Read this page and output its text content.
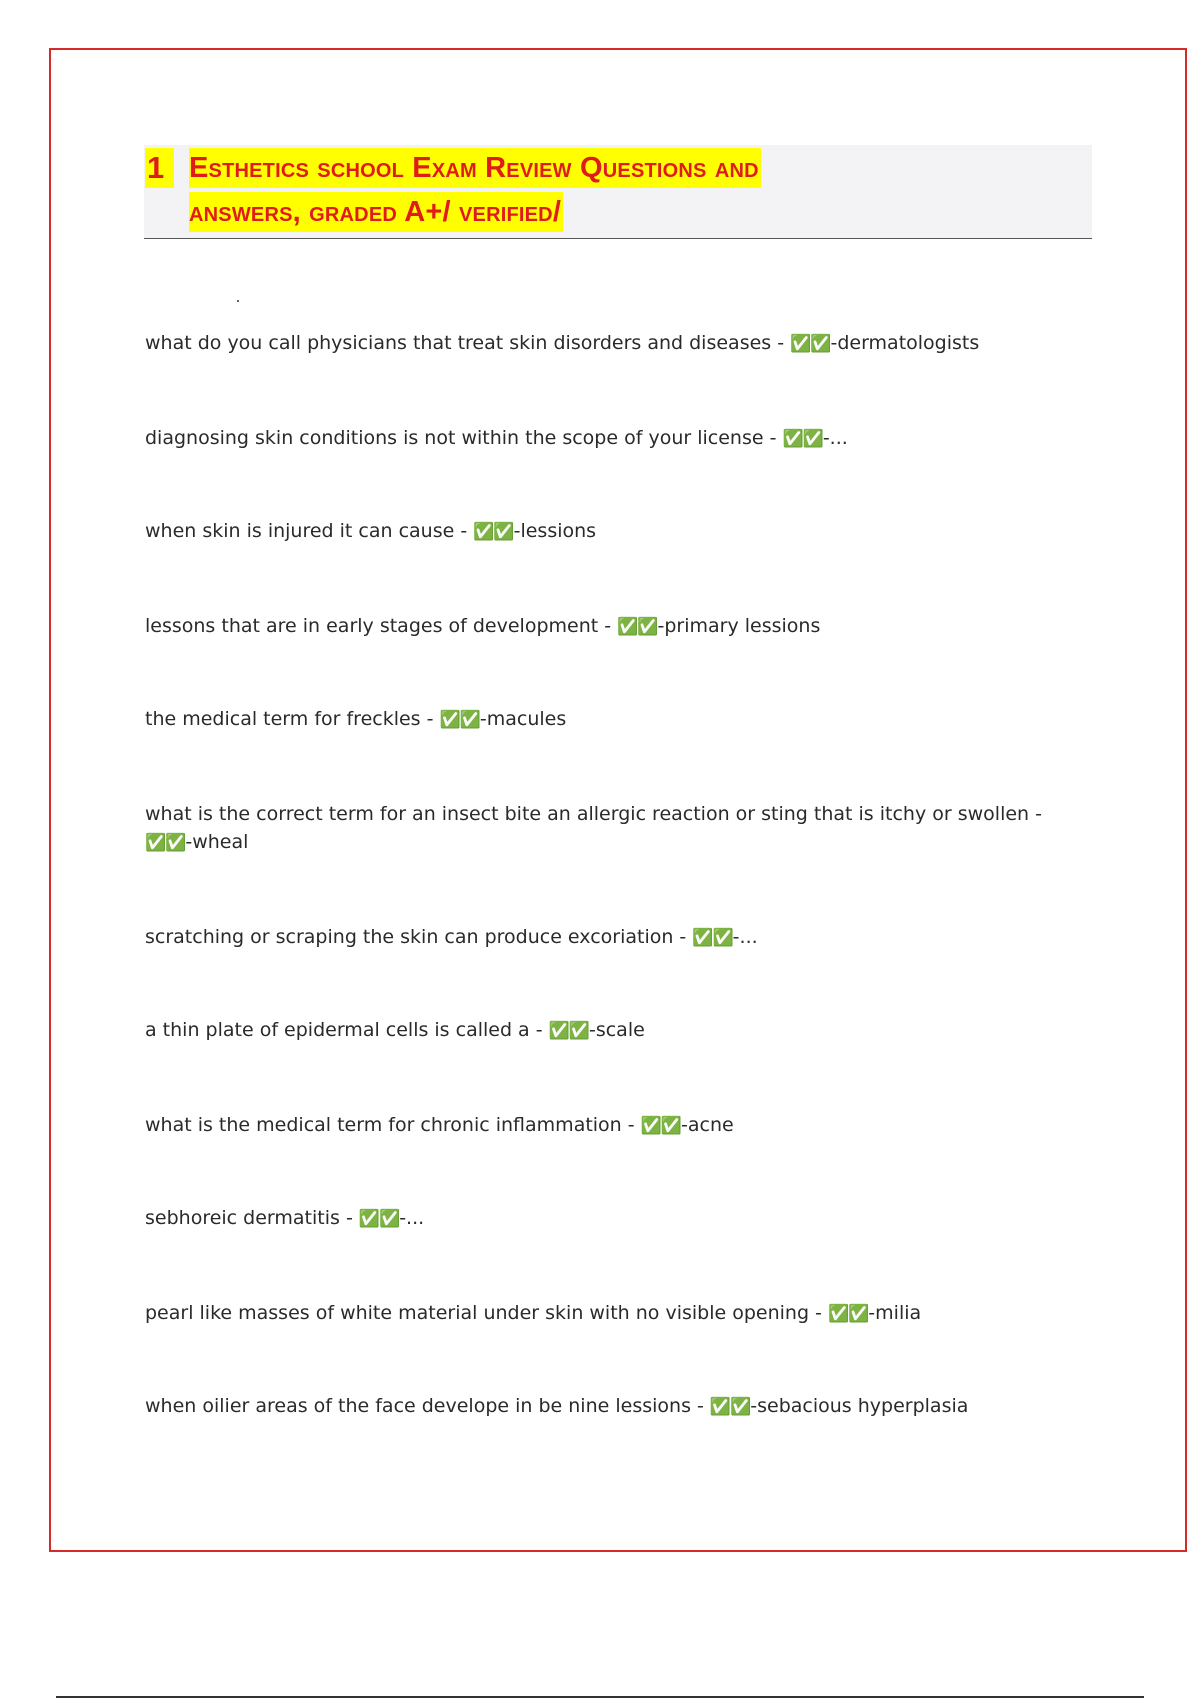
1 Esthetics school Exam Review Questions and
answers, graded A+/ verified/
what do you call physicians that treat skin disorders and diseases - ✅✅-dermatologists
diagnosing skin conditions is not within the scope of your license - ✅✅-...
when skin is injured it can cause - ✅✅-lessions
lessons that are in early stages of development - ✅✅-primary lessions
the medical term for freckles - ✅✅-macules
what is the correct term for an insect bite an allergic reaction or sting that is itchy or swollen - ✅✅-wheal
scratching or scraping the skin can produce excoriation - ✅✅-...
a thin plate of epidermal cells is called a - ✅✅-scale
what is the medical term for chronic inflammation - ✅✅-acne
sebhoreic dermatitis - ✅✅-...
pearl like masses of white material under skin with no visible opening - ✅✅-milia
when oilier areas of the face develope in be nine lessions - ✅✅-sebacious hyperplasia
